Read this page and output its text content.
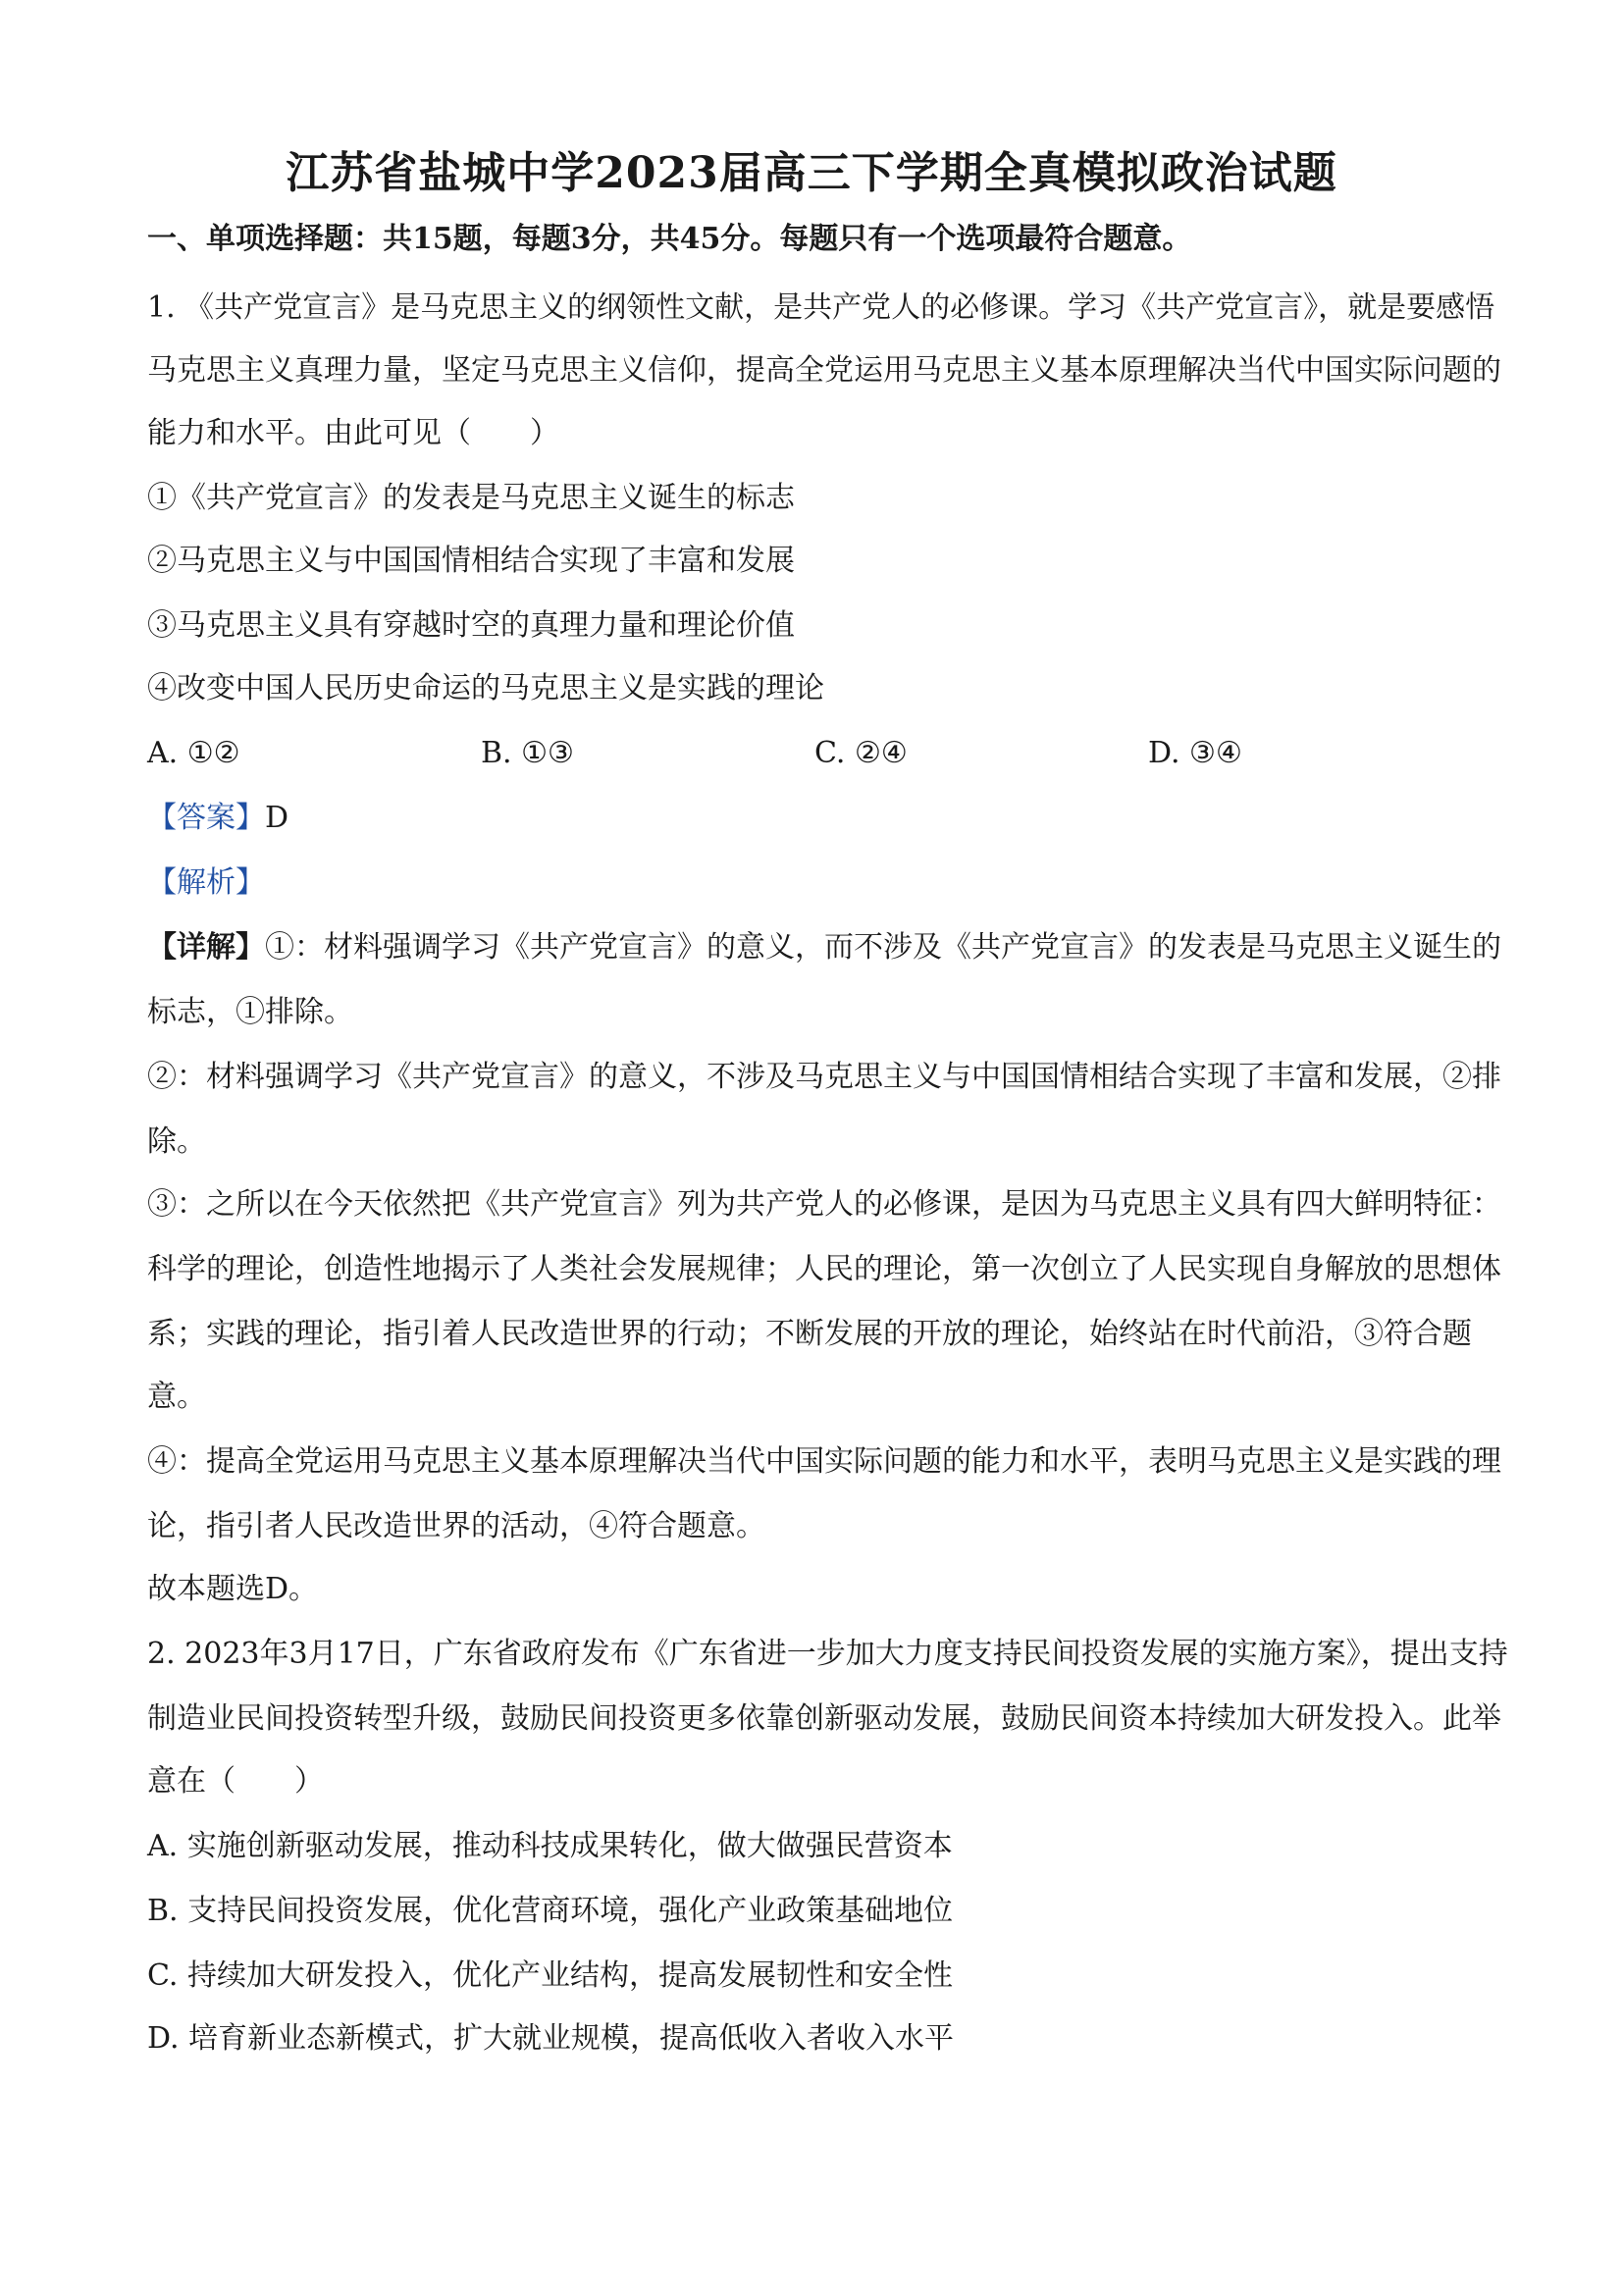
江苏省盐城中学2023届高三下学期全真模拟政治试题
一、单项选择题：共15题，每题3分，共45分。每题只有一个选项最符合题意。
1. 《共产党宣言》是马克思主义的纲领性文献，是共产党人的必修课。学习《共产党宣言》，就是要感悟
马克思主义真理力量，坚定马克思主义信仰，提高全党运用马克思主义基本原理解决当代中国实际问题的
能力和水平。由此可见（　　）
①《共产党宣言》的发表是马克思主义诞生的标志
②马克思主义与中国国情相结合实现了丰富和发展
③马克思主义具有穿越时空的真理力量和理论价值
④改变中国人民历史命运的马克思主义是实践的理论
A. ①②	B. ①③	C. ②④	D. ③④
【答案】D
【解析】
【详解】①：材料强调学习《共产党宣言》的意义，而不涉及《共产党宣言》的发表是马克思主义诞生的
标志，①排除。
②：材料强调学习《共产党宣言》的意义，不涉及马克思主义与中国国情相结合实现了丰富和发展，②排
除。
③：之所以在今天依然把《共产党宣言》列为共产党人的必修课，是因为马克思主义具有四大鲜明特征：
科学的理论，创造性地揭示了人类社会发展规律；人民的理论，第一次创立了人民实现自身解放的思想体
系；实践的理论，指引着人民改造世界的行动；不断发展的开放的理论，始终站在时代前沿，③符合题
意。
④：提高全党运用马克思主义基本原理解决当代中国实际问题的能力和水平，表明马克思主义是实践的理
论，指引者人民改造世界的活动，④符合题意。
故本题选D。
2. 2023年3月17日，广东省政府发布《广东省进一步加大力度支持民间投资发展的实施方案》，提出支持
制造业民间投资转型升级，鼓励民间投资更多依靠创新驱动发展，鼓励民间资本持续加大研发投入。此举
意在（　　）
A. 实施创新驱动发展，推动科技成果转化，做大做强民营资本
B. 支持民间投资发展，优化营商环境，强化产业政策基础地位
C. 持续加大研发投入，优化产业结构，提高发展韧性和安全性
D. 培育新业态新模式，扩大就业规模，提高低收入者收入水平
